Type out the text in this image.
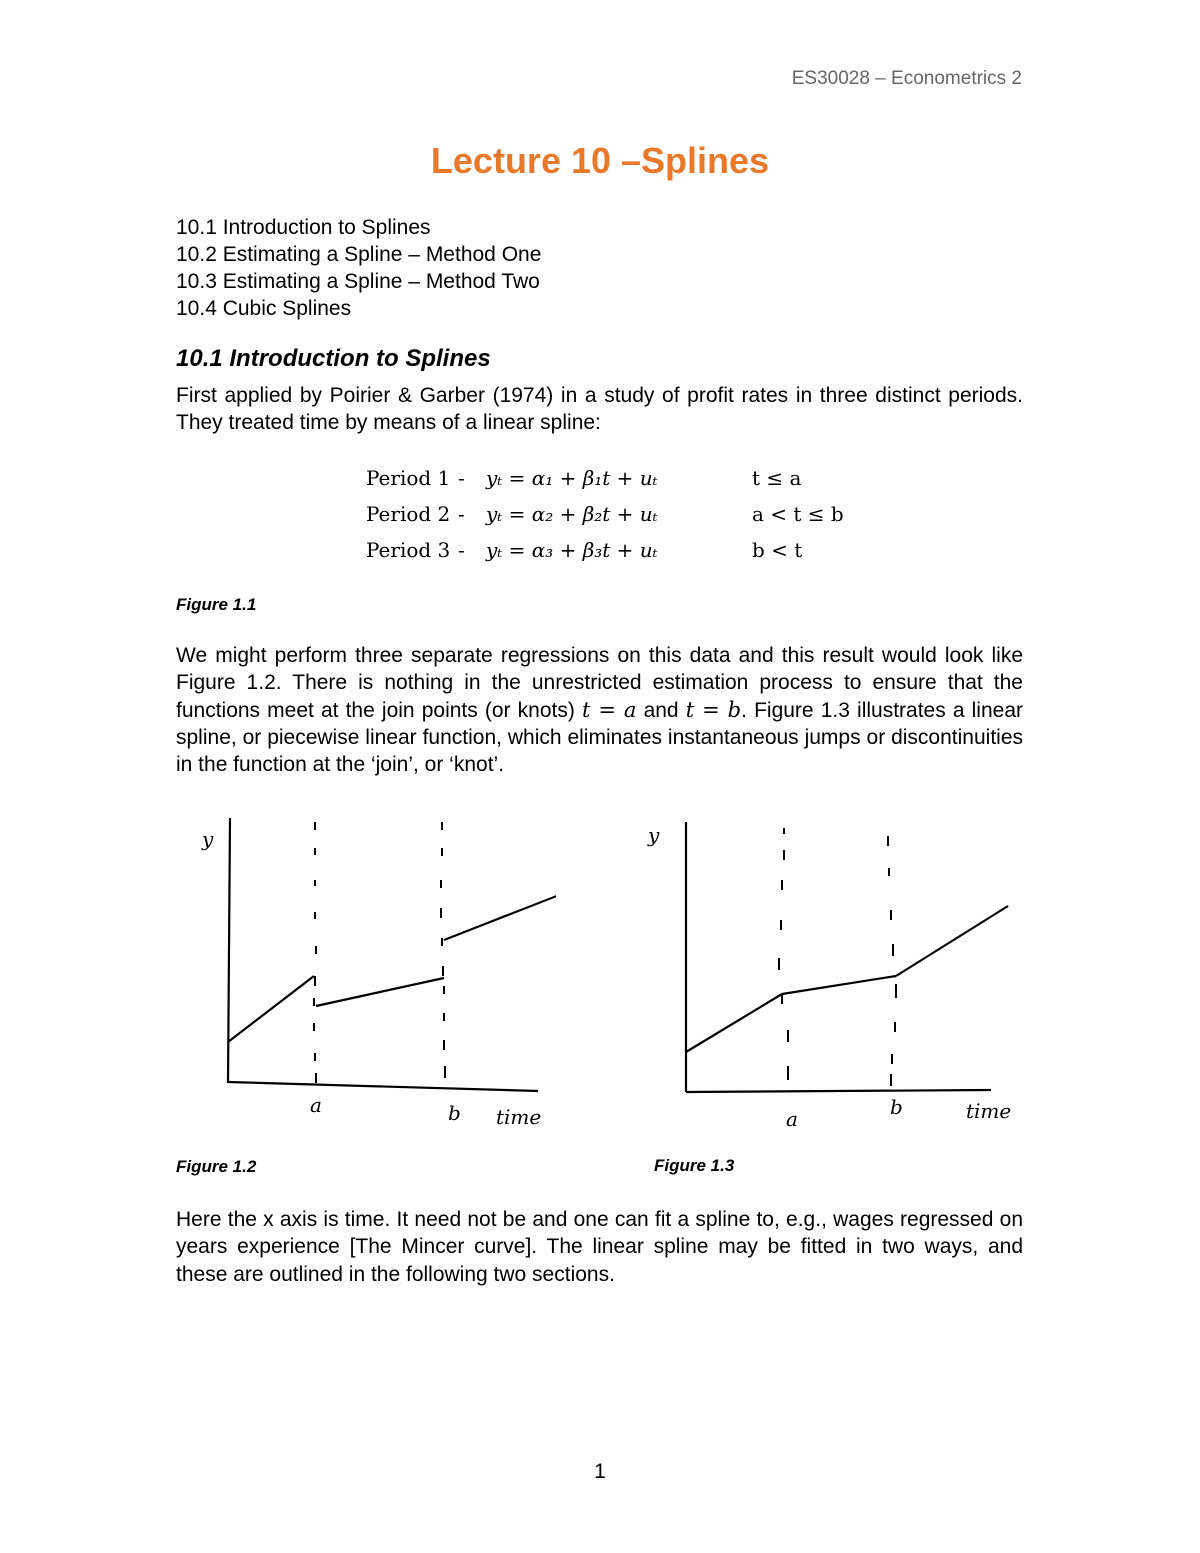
ES30028 – Econometrics 2
Lecture 10 –Splines
10.1 Introduction to Splines
10.2 Estimating a Spline – Method One
10.3 Estimating a Spline – Method Two
10.4 Cubic Splines
10.1 Introduction to Splines
First applied by Poirier & Garber (1974) in a study of profit rates in three distinct periods. They treated time by means of a linear spline:
Period 1 - yₜ = α₁ + β₁t + uₜ	t ≤ a
Period 2 - yₜ = α₂ + β₂t + uₜ	a < t ≤ b
Period 3 - yₜ = α₃ + β₃t + uₜ	b < t
Figure 1.1
We might perform three separate regressions on this data and this result would look like Figure 1.2. There is nothing in the unrestricted estimation process to ensure that the functions meet at the join points (or knots) t = a and t = b. Figure 1.3 illustrates a linear spline, or piecewise linear function, which eliminates instantaneous jumps or discontinuities in the function at the ‘join’, or ‘knot’.
y
a	b time
y
a	b	time
Figure 1.2	Figure 1.3
Here the x axis is time. It need not be and one can fit a spline to, e.g., wages regressed on years experience [The Mincer curve]. The linear spline may be fitted in two ways, and these are outlined in the following two sections.
1
